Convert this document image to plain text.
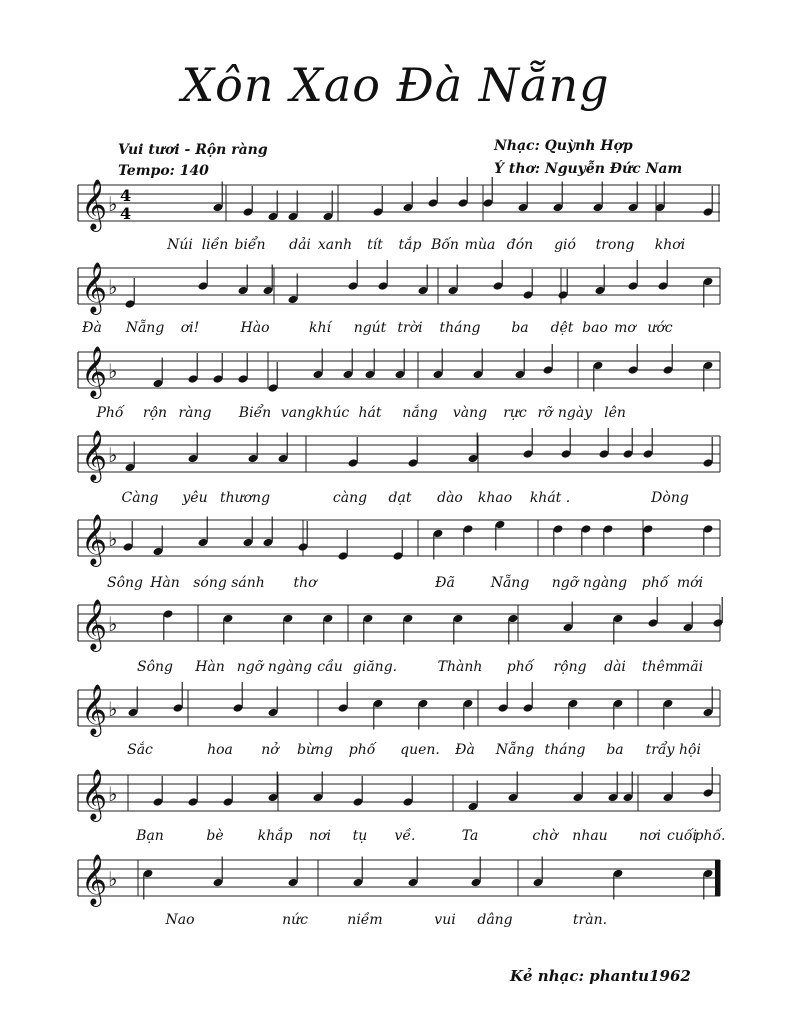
Xôn Xao Đà Nẵng
Vui tươi - Rộn ràng
Tempo: 140
Nhạc: Quỳnh Hợp
Ý thơ: Nguyễn Đức Nam
𝄞 ♭ 4
4
Núi liền biển dải xanh tít tắp Bốn mùa đón gió trong khơi
𝄞 ♭
Đà Nẵng ơi!	Hào	khí ngút trời tháng ba dệt bao mơ ước
𝄞 ♭
Phố rộn ràng Biển vang khúc hát nắng vàng rực rỡ ngày lên
𝄞 ♭
Càng yêu thương	càng dạt dào khao khát .	Dòng
𝄞 ♭
Sông Hàn sóng sánh thơ	Đã	Nẵng ngỡ ngàng phố mới
𝄞 ♭
Sông Hàn ngỡ ngàng cầu giăng.	Thành phố rộng dài thêm
mãi
𝄞 ♭
Sắc	hoa nở bừng phố quen. Đà Nẵng tháng ba trẩy hội
𝄞 ♭
Bạn	bè khắp nơi tụ về.	Ta	chờ nhau nơi cuối
phố.
𝄞 ♭
Nao	nức	niềm	vui dâng	tràn.
Kẻ nhạc: phantu1962
